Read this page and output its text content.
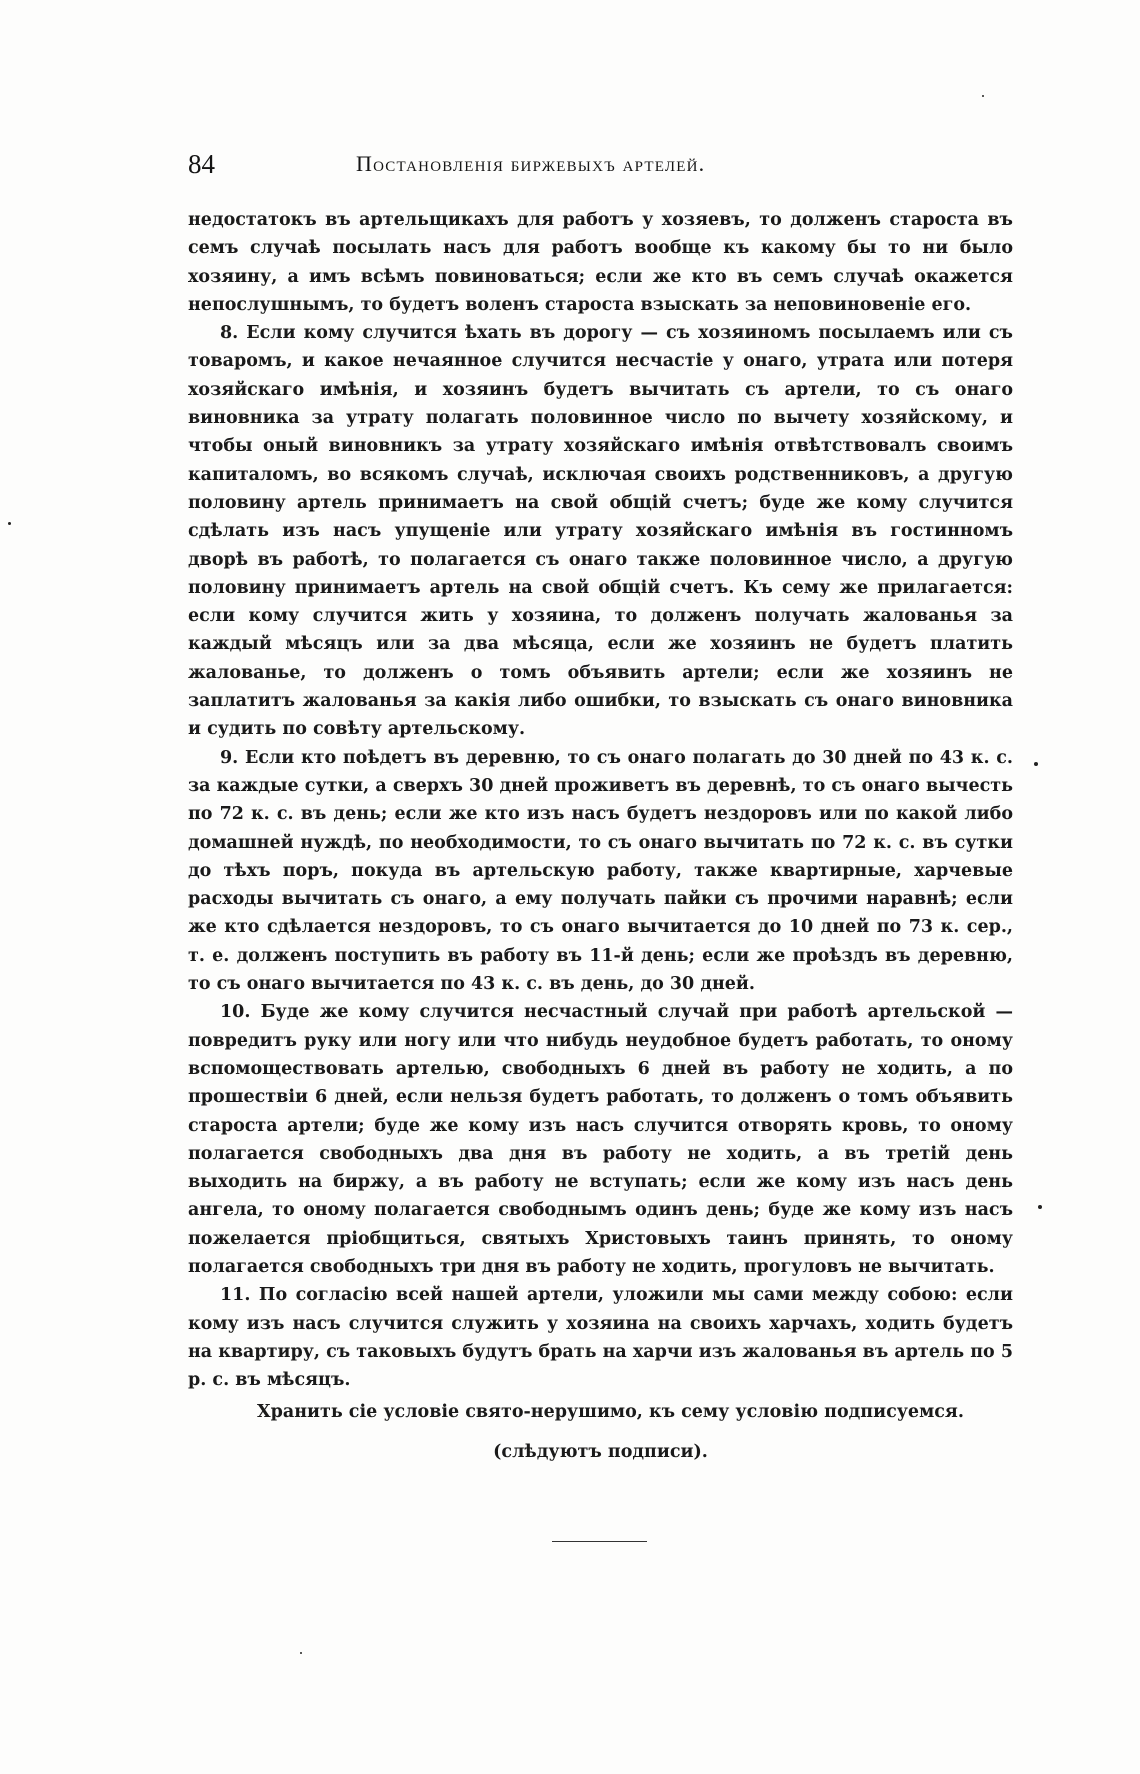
84	Постановленія биржевыхъ артелей.

недостатокъ въ артельщикахъ для работъ у хозяевъ, то долженъ староста въ семъ случаѣ посылать насъ для работъ вообще къ какому бы то ни было хозяину, а имъ всѣмъ повиноваться; если же кто въ семъ случаѣ окажется непослушнымъ, то будетъ воленъ староста взыскать за неповиновеніе его.

8. Если кому случится ѣхать въ дорогу — съ хозяиномъ посылаемъ или съ товаромъ, и какое нечаянное случится несчастіе у онаго, утрата или потеря хозяйскаго имѣнія, и хозяинъ будетъ вычитать съ артели, то съ онаго виновника за утрату полагать половинное число по вычету хозяйскому, и чтобы оный виновникъ за утрату хозяйскаго имѣнія отвѣтствовалъ своимъ капиталомъ, во всякомъ случаѣ, исключая своихъ родственниковъ, а другую половину артель принимаетъ на свой общій счетъ; буде же кому случится сдѣлать изъ насъ упущеніе или утрату хозяйскаго имѣнія въ гостинномъ дворѣ въ работѣ, то полагается съ онаго также половинное число, а другую половину принимаетъ артель на свой общій счетъ. Къ сему же прилагается: если кому случится жить у хозяина, то долженъ получать жалованья за каждый мѣсяцъ или за два мѣсяца, если же хозяинъ не будетъ платить жалованье, то долженъ о томъ объявить артели; если же хозяинъ не заплатитъ жалованья за какія либо ошибки, то взыскать съ онаго виновника и судить по совѣту артельскому.

9. Если кто поѣдетъ въ деревню, то съ онаго полагать до 30 дней по 43 к. с. за каждые сутки, а сверхъ 30 дней проживетъ въ деревнѣ, то съ онаго вычесть по 72 к. с. въ день; если же кто изъ насъ будетъ нездоровъ или по какой либо домашней нуждѣ, по необходимости, то съ онаго вычитать по 72 к. с. въ сутки до тѣхъ поръ, покуда въ артельскую работу, также квартирные, харчевые расходы вычитать съ онаго, а ему получать пайки съ прочими наравнѣ; если же кто сдѣлается нездоровъ, то съ онаго вычитается до 10 дней по 73 к. сер., т. е. долженъ поступить въ работу въ 11-й день; если же проѣздъ въ деревню, то съ онаго вычитается по 43 к. с. въ день, до 30 дней.

10. Буде же кому случится несчастный случай при работѣ артельской — повредитъ руку или ногу или что нибудь неудобное будетъ работать, то оному вспомоществовать артелью, свободныхъ 6 дней въ работу не ходить, а по прошествіи 6 дней, если нельзя будетъ работать, то долженъ о томъ объявить староста артели; буде же кому изъ насъ случится отворять кровь, то оному полагается свободныхъ два дня въ работу не ходить, а въ третій день выходить на биржу, а въ работу не вступать; если же кому изъ насъ день ангела, то оному полагается свободнымъ одинъ день; буде же кому изъ насъ пожелается пріобщиться, святыхъ Христовыхъ таинъ принять, то оному полагается свободныхъ три дня въ работу не ходить, прогуловъ не вычитать.

11. По согласію всей нашей артели, уложили мы сами между собою: если кому изъ насъ случится служить у хозяина на своихъ харчахъ, ходить будетъ на квартиру, съ таковыхъ будутъ брать на харчи изъ жалованья въ артель по 5 р. с. въ мѣсяцъ.

Хранить сіе условіе свято-нерушимо, къ сему условію подписуемся.

(слѣдуютъ подписи).
